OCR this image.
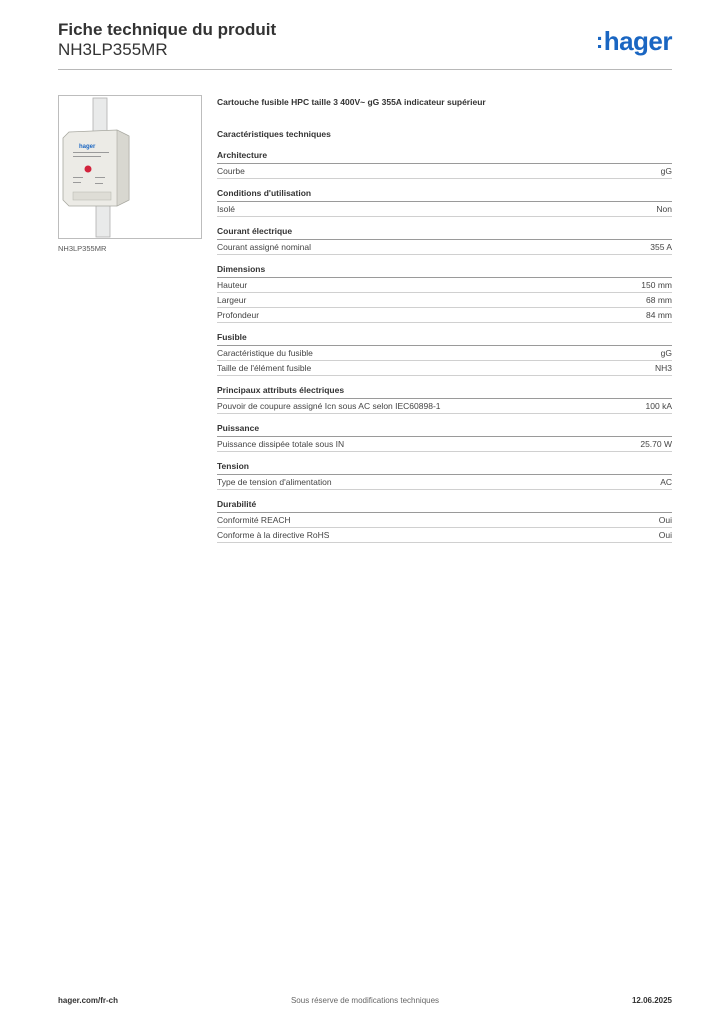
Fiche technique du produit
NH3LP355MR	:hager
hager
NH3LP355MR
Cartouche fusible HPC taille 3 400V~ gG 355A indicateur supérieur
Caractéristiques techniques
Architecture
Courbe	gG
Conditions d'utilisation
Isolé	Non
Courant électrique
Courant assigné nominal	355 A
Dimensions
Hauteur	150 mm
Largeur	68 mm
Profondeur	84 mm
Fusible
Caractéristique du fusible	gG
Taille de l'élément fusible	NH3
Principaux attributs électriques
Pouvoir de coupure assigné Icn sous AC selon IEC60898-1	100 kA
Puissance
Puissance dissipée totale sous IN	25.70 W
Tension
Type de tension d'alimentation	AC
Durabilité
Conformité REACH	Oui
Conforme à la directive RoHS	Oui
hager.com/fr-ch	Sous réserve de modifications techniques	12.06.2025
